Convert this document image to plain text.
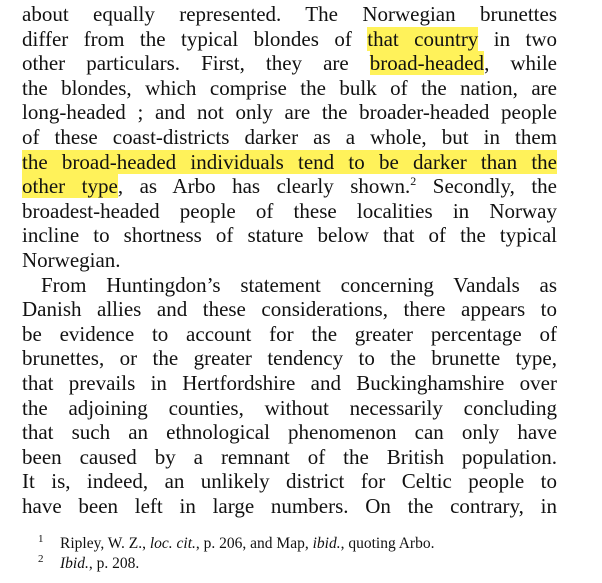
about equally represented. The Norwegian brunettes
differ from the typical blondes of that country in two
other particulars. First, they are broad-headed, while
the blondes, which comprise the bulk of the nation, are
long-headed ; and not only are the broader-headed people
of these coast-districts darker as a whole, but in them
the broad-headed individuals tend to be darker than the
other type, as Arbo has clearly shown.$^2$ Secondly, the
broadest-headed people of these localities in Norway
incline to shortness of stature below that of the typical
Norwegian.
From Huntingdon’s statement concerning Vandals as
Danish allies and these considerations, there appears to
be evidence to account for the greater percentage of
brunettes, or the greater tendency to the brunette type,
that prevails in Hertfordshire and Buckinghamshire over
the adjoining counties, without necessarily concluding
that such an ethnological phenomenon can only have
been caused by a remnant of the British population.
It is, indeed, an unlikely district for Celtic people to
have been left in large numbers. On the contrary, in
1 Ripley, W. Z., loc. cit., p. 206, and Map, ibid., quoting Arbo.
2 Ibid., p. 208.
